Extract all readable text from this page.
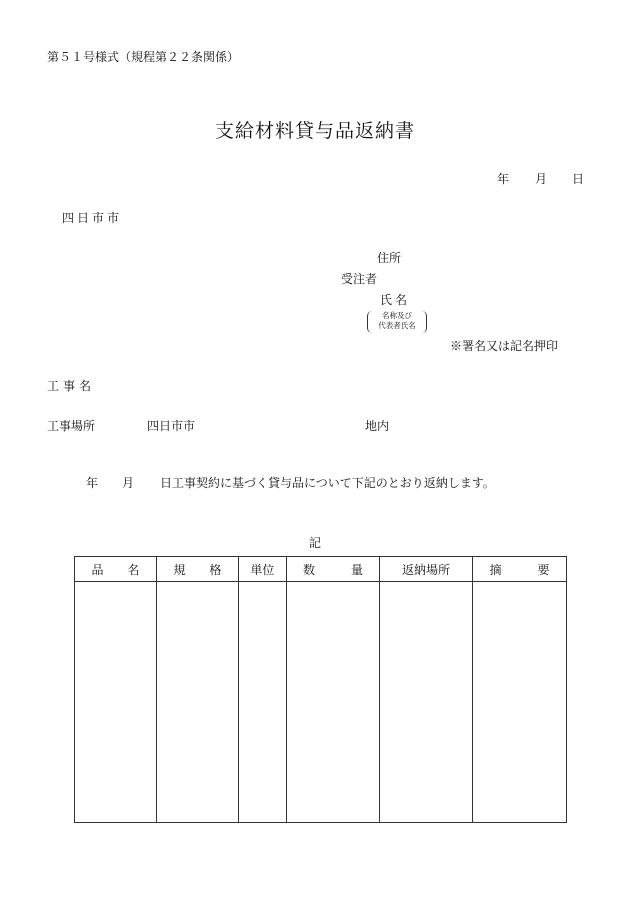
第５１号様式（規程第２２条関係）
支給材料貸与品返納書
年 月 日
四日市市
住所
受注者
氏名
名称及び
代表者氏名
※署名又は記名押印
工事名
工事場所	四日市市	地内
年 月 日工事契約に基づく貸与品について下記のとおり返納します。
記
品　　名	規　　格	単位	数　　　量	返納場所	摘　　　要
